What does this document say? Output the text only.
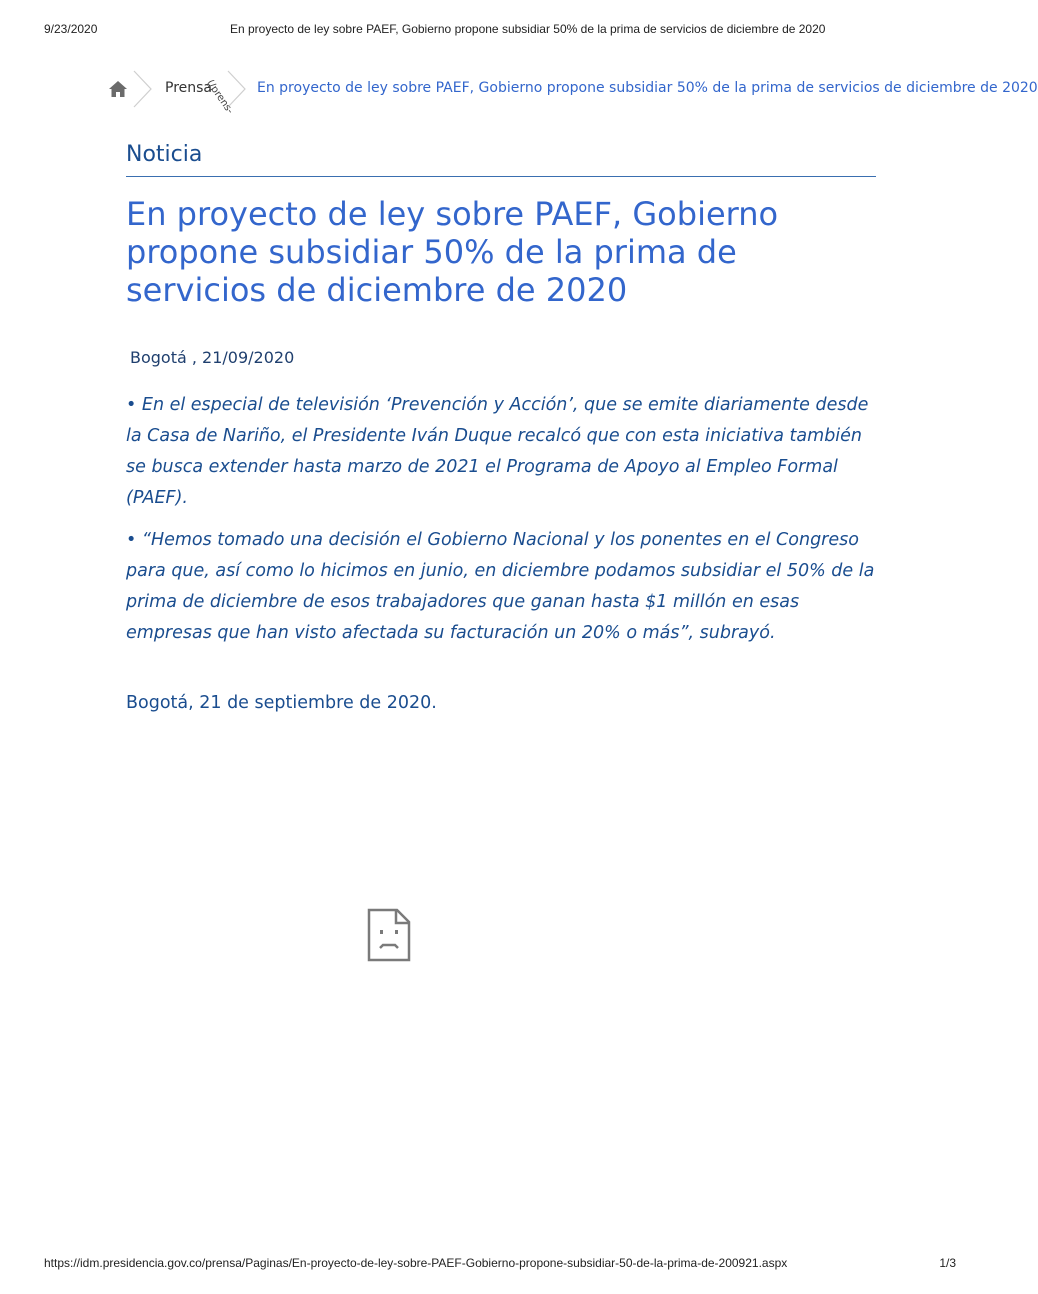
9/23/2020	En proyecto de ley sobre PAEF, Gobierno propone subsidiar 50% de la prima de servicios de diciembre de 2020
Prensa
(/prens- En proyecto de ley sobre PAEF, Gobierno propone subsidiar 50% de la prima de servicios de diciembre de 2020
Noticia
En proyecto de ley sobre PAEF, Gobierno propone subsidiar 50% de la prima de servicios de diciembre de 2020
Bogotá , 21/09/2020

• En el especial de televisión ‘Prevención y Acción’, que se emite diariamente desde la Casa de Nariño, el Presidente Iván Duque recalcó que con esta iniciativa también se busca extender hasta marzo de 2021 el Programa de Apoyo al Empleo Formal (PAEF).

• “Hemos tomado una decisión el Gobierno Nacional y los ponentes en el Congreso para que, así como lo hicimos en junio, en diciembre podamos subsidiar el 50% de la prima de diciembre de esos trabajadores que ganan hasta $1 millón en esas empresas que han visto afectada su facturación un 20% o más”, subrayó.

Bogotá, 21 de septiembre de 2020.
https://idm.presidencia.gov.co/prensa/Paginas/En-proyecto-de-ley-sobre-PAEF-Gobierno-propone-subsidiar-50-de-la-prima-de-200921.aspx	1/3
